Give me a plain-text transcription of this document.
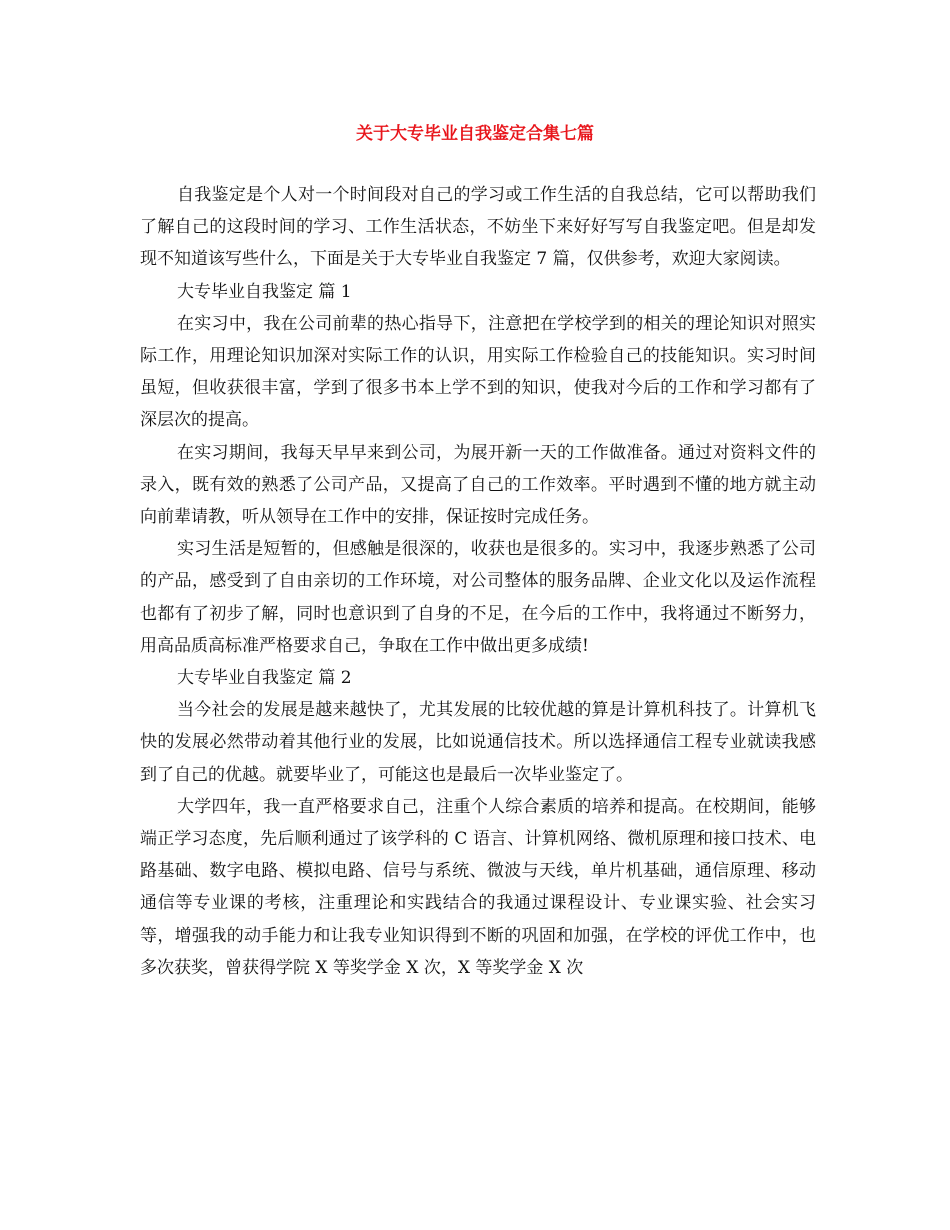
关于大专毕业自我鉴定合集七篇

自我鉴定是个人对一个时间段对自己的学习或工作生活的自我总结，它可以帮助我们了解自己的这段时间的学习、工作生活状态，不妨坐下来好好写写自我鉴定吧。但是却发现不知道该写些什么，下面是关于大专毕业自我鉴定 7 篇，仅供参考，欢迎大家阅读。

大专毕业自我鉴定 篇 1

在实习中，我在公司前辈的热心指导下，注意把在学校学到的相关的理论知识对照实际工作，用理论知识加深对实际工作的认识，用实际工作检验自己的技能知识。实习时间虽短，但收获很丰富，学到了很多书本上学不到的知识，使我对今后的工作和学习都有了深层次的提高。

在实习期间，我每天早早来到公司，为展开新一天的工作做准备。通过对资料文件的录入，既有效的熟悉了公司产品，又提高了自己的工作效率。平时遇到不懂的地方就主动向前辈请教，听从领导在工作中的安排，保证按时完成任务。

实习生活是短暂的，但感触是很深的，收获也是很多的。实习中，我逐步熟悉了公司的产品，感受到了自由亲切的工作环境，对公司整体的服务品牌、企业文化以及运作流程也都有了初步了解，同时也意识到了自身的不足，在今后的工作中，我将通过不断努力，用高品质高标准严格要求自己，争取在工作中做出更多成绩!

大专毕业自我鉴定 篇 2

当今社会的发展是越来越快了，尤其发展的比较优越的算是计算机科技了。计算机飞快的发展必然带动着其他行业的发展，比如说通信技术。所以选择通信工程专业就读我感到了自己的优越。就要毕业了，可能这也是最后一次毕业鉴定了。

大学四年，我一直严格要求自己，注重个人综合素质的培养和提高。在校期间，能够端正学习态度，先后顺利通过了该学科的 C 语言、计算机网络、微机原理和接口技术、电路基础、数字电路、模拟电路、信号与系统、微波与天线，单片机基础，通信原理、移动通信等专业课的考核，注重理论和实践结合的我通过课程设计、专业课实验、社会实习等，增强我的动手能力和让我专业知识得到不断的巩固和加强，在学校的评优工作中，也多次获奖，曾获得学院 X 等奖学金 X 次，X 等奖学金 X 次
